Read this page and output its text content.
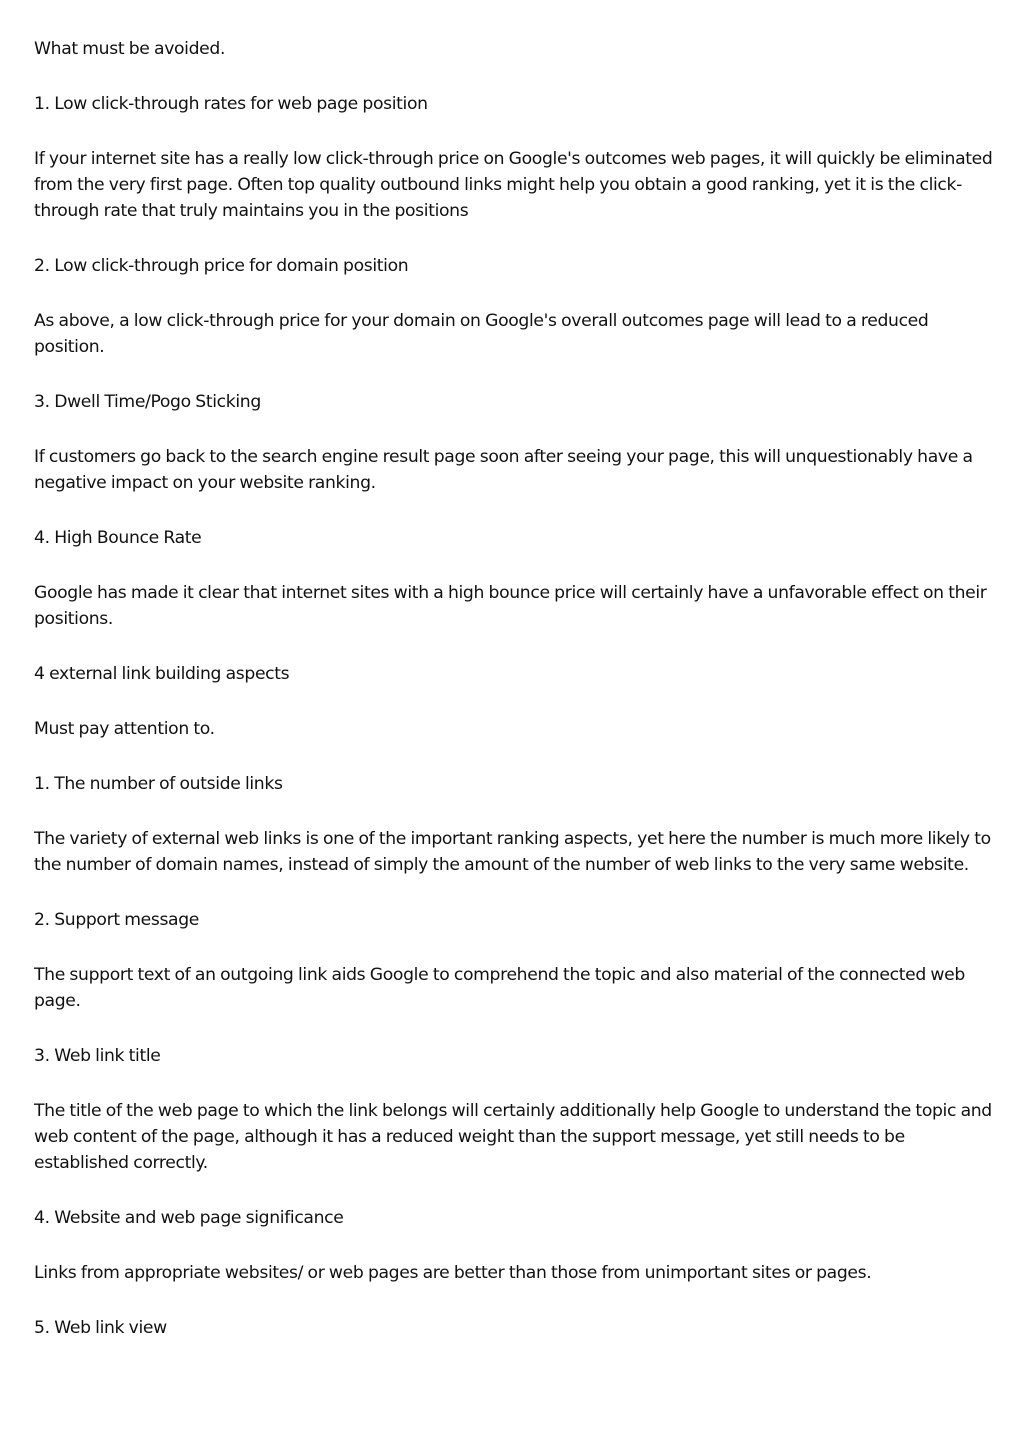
What must be avoided.

1. Low click-through rates for web page position

If your internet site has a really low click-through price on Google's outcomes web pages, it will quickly be eliminated from the very first page. Often top quality outbound links might help you obtain a good ranking, yet it is the click-through rate that truly maintains you in the positions

2. Low click-through price for domain position

As above, a low click-through price for your domain on Google's overall outcomes page will lead to a reduced position.

3. Dwell Time/Pogo Sticking

If customers go back to the search engine result page soon after seeing your page, this will unquestionably have a negative impact on your website ranking.

4. High Bounce Rate

Google has made it clear that internet sites with a high bounce price will certainly have a unfavorable effect on their positions.

4 external link building aspects

Must pay attention to.

1. The number of outside links

The variety of external web links is one of the important ranking aspects, yet here the number is much more likely to the number of domain names, instead of simply the amount of the number of web links to the very same website.

2. Support message

The support text of an outgoing link aids Google to comprehend the topic and also material of the connected web page.

3. Web link title

The title of the web page to which the link belongs will certainly additionally help Google to understand the topic and web content of the page, although it has a reduced weight than the support message, yet still needs to be established correctly.

4. Website and web page significance

Links from appropriate websites/ or web pages are better than those from unimportant sites or pages.

5. Web link view
